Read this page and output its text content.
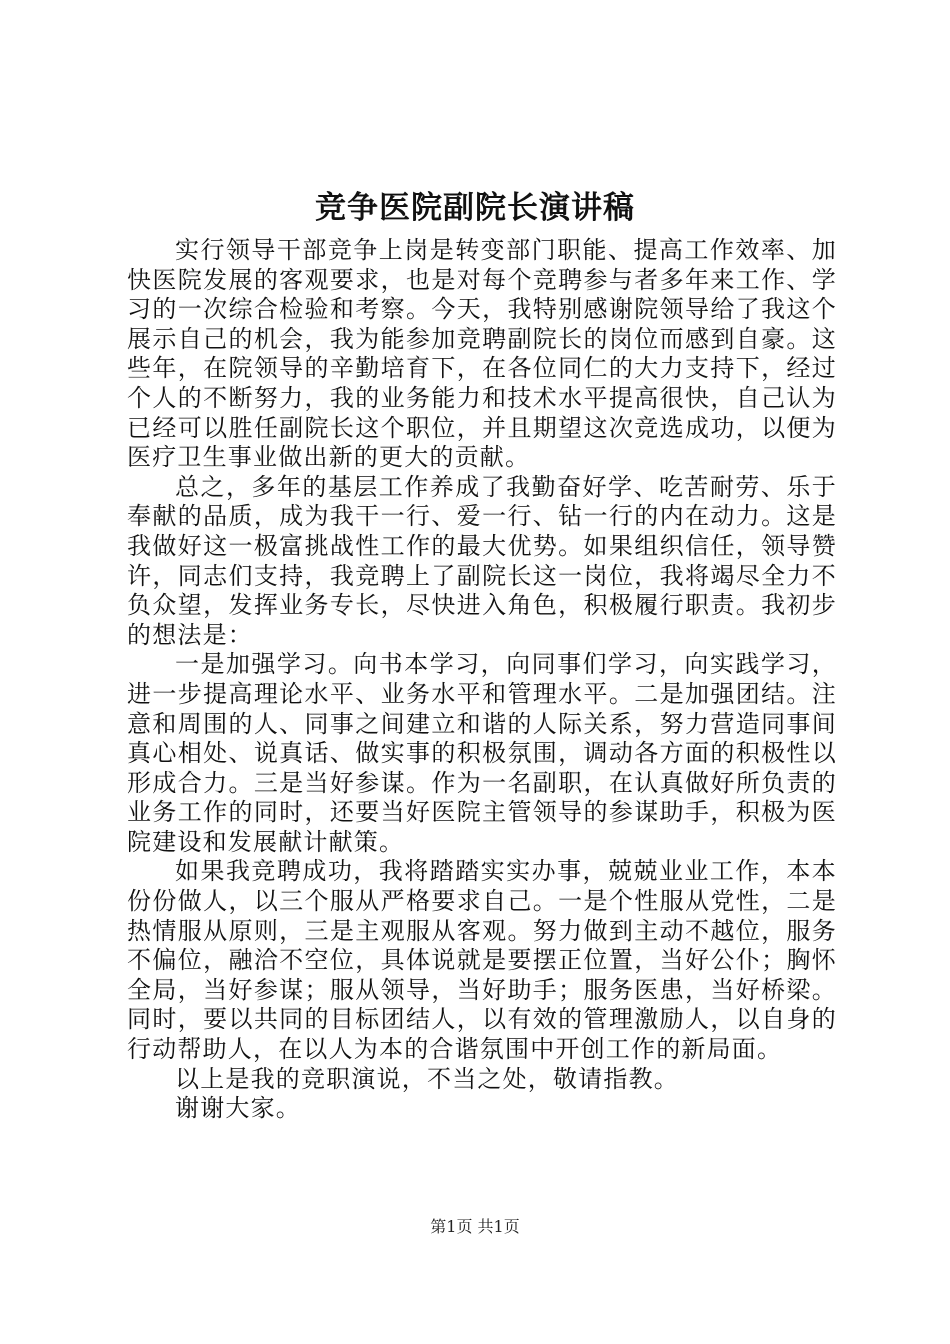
竞争医院副院长演讲稿

实行领导干部竞争上岗是转变部门职能、提高工作效率、加快医院发展的客观要求，也是对每个竞聘参与者多年来工作、学习的一次综合检验和考察。今天，我特别感谢院领导给了我这个展示自己的机会，我为能参加竞聘副院长的岗位而感到自豪。这些年，在院领导的辛勤培育下，在各位同仁的大力支持下，经过个人的不断努力，我的业务能力和技术水平提高很快，自己认为已经可以胜任副院长这个职位，并且期望这次竞选成功，以便为医疗卫生事业做出新的更大的贡献。

总之，多年的基层工作养成了我勤奋好学、吃苦耐劳、乐于奉献的品质，成为我干一行、爱一行、钻一行的内在动力。这是我做好这一极富挑战性工作的最大优势。如果组织信任，领导赞许，同志们支持，我竞聘上了副院长这一岗位，我将竭尽全力不负众望，发挥业务专长，尽快进入角色，积极履行职责。我初步的想法是：

一是加强学习。向书本学习，向同事们学习，向实践学习，进一步提高理论水平、业务水平和管理水平。二是加强团结。注意和周围的人、同事之间建立和谐的人际关系，努力营造同事间真心相处、说真话、做实事的积极氛围，调动各方面的积极性以形成合力。三是当好参谋。作为一名副职，在认真做好所负责的业务工作的同时，还要当好医院主管领导的参谋助手，积极为医院建设和发展献计献策。

如果我竞聘成功，我将踏踏实实办事，兢兢业业工作，本本份份做人，以三个服从严格要求自己。一是个性服从党性，二是热情服从原则，三是主观服从客观。努力做到主动不越位，服务不偏位，融洽不空位，具体说就是要摆正位置，当好公仆；胸怀全局，当好参谋；服从领导，当好助手；服务医患，当好桥梁。同时，要以共同的目标团结人，以有效的管理激励人，以自身的行动帮助人，在以人为本的合谐氛围中开创工作的新局面。

以上是我的竞职演说，不当之处，敬请指教。

谢谢大家。

第1页 共1页
